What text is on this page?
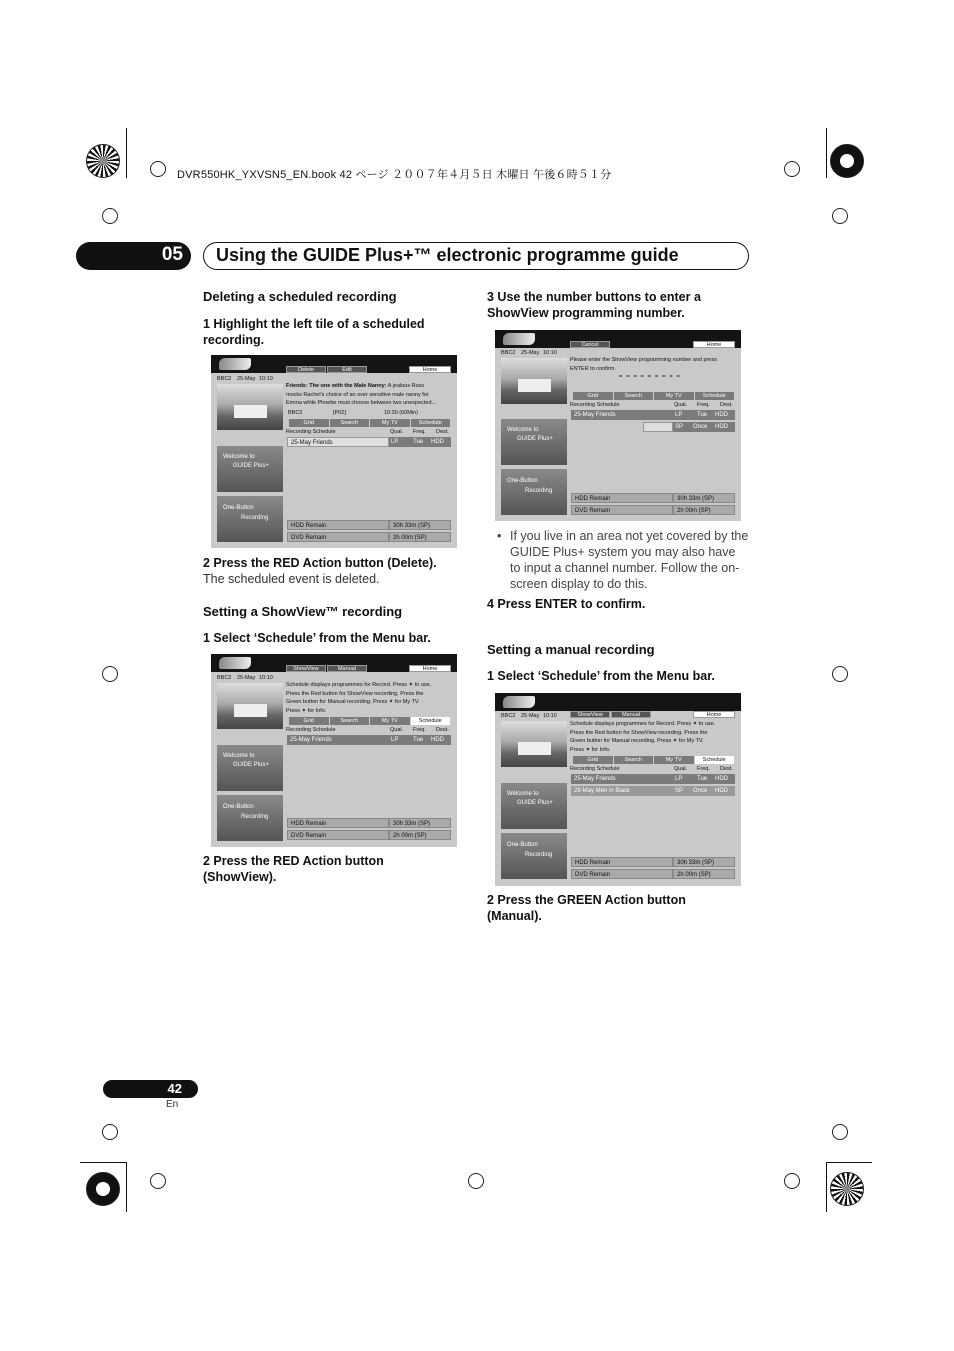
DVR550HK_YXVSN5_EN.book 42 ページ ２００７年４月５日 木曜日 午後６時５１分
05 Using the GUIDE Plus+™ electronic programme guide
Deleting a scheduled recording
1 Highlight the left tile of a scheduled recording.
Delete	Edit	Home
BBC2 25-May 10:10
Friends: The one with the Male Nanny: A jealous Ross
mocks Rachel’s choice of an over sensitive male nanny for
Emma while Phoebe must choose between two unexpected...
BBC2	[P02]	10:30 (60Min)
Grid	Search	My TV	Schedule
Recording Schedule	Qual. Freq. Dest.
25-May Friends	LP Tue HDD
Welcome to
GUIDE Plus+
One-Button
Recording
HDD Remain	30h 33m (SP)
DVD Remain	2h 00m (SP)
2 Press the RED Action button (Delete).
The scheduled event is deleted.
Setting a ShowView™ recording
1 Select ‘Schedule’ from the Menu bar.
ShowView	Manual	Home
BBC2 25-May 10:10
Schedule displays programmes for Record. Press ✦ to use.
Press the Red button for ShowView recording. Press the
Green button for Manual recording. Press ✦ for My TV.
Press ✦ for Info.
Grid	Search	My TV	Schedule
Recording Schedule	Qual. Freq. Dest.
25-May Friends	LP Tue HDD
Welcome to
GUIDE Plus+
One-Button
Recording
HDD Remain	30h 33m (SP)
DVD Remain	2h 00m (SP)
2 Press the RED Action button (ShowView).
3 Use the number buttons to enter a ShowView programming number.
Cancel	Home
BBC2 25-May 10:10
Please enter the ShowView programming number and press
ENTER to confirm.
= = = = = = = = =
Grid	Search	My TV	Schedule
Recording Schedule	Qual. Freq. Dest.
25-May Friends	LP Tue HDD
SP Once HDD
Welcome to
GUIDE Plus+
One-Button
Recording
HDD Remain	30h 33m (SP)
DVD Remain	2h 00m (SP)
• If you live in an area not yet covered by the GUIDE Plus+ system you may also have to input a channel number. Follow the on-screen display to do this.
4 Press ENTER to confirm.
Setting a manual recording
1 Select ‘Schedule’ from the Menu bar.
ShowView	Manual	Home
BBC2 25-May 10:10
Schedule displays programmes for Record. Press ✦ to use.
Press the Red button for ShowView recording. Press the
Green button for Manual recording. Press ✦ for My TV.
Press ✦ for Info.
Grid	Search	My TV	Schedule
Recording Schedule	Qual. Freq. Dest.
25-May Friends	LP Tue HDD
29-May Men in Black	SP Once HDD
Welcome to
GUIDE Plus+
One-Button
Recording
HDD Remain	30h 33m (SP)
DVD Remain	2h 00m (SP)
2 Press the GREEN Action button (Manual).
42
En
